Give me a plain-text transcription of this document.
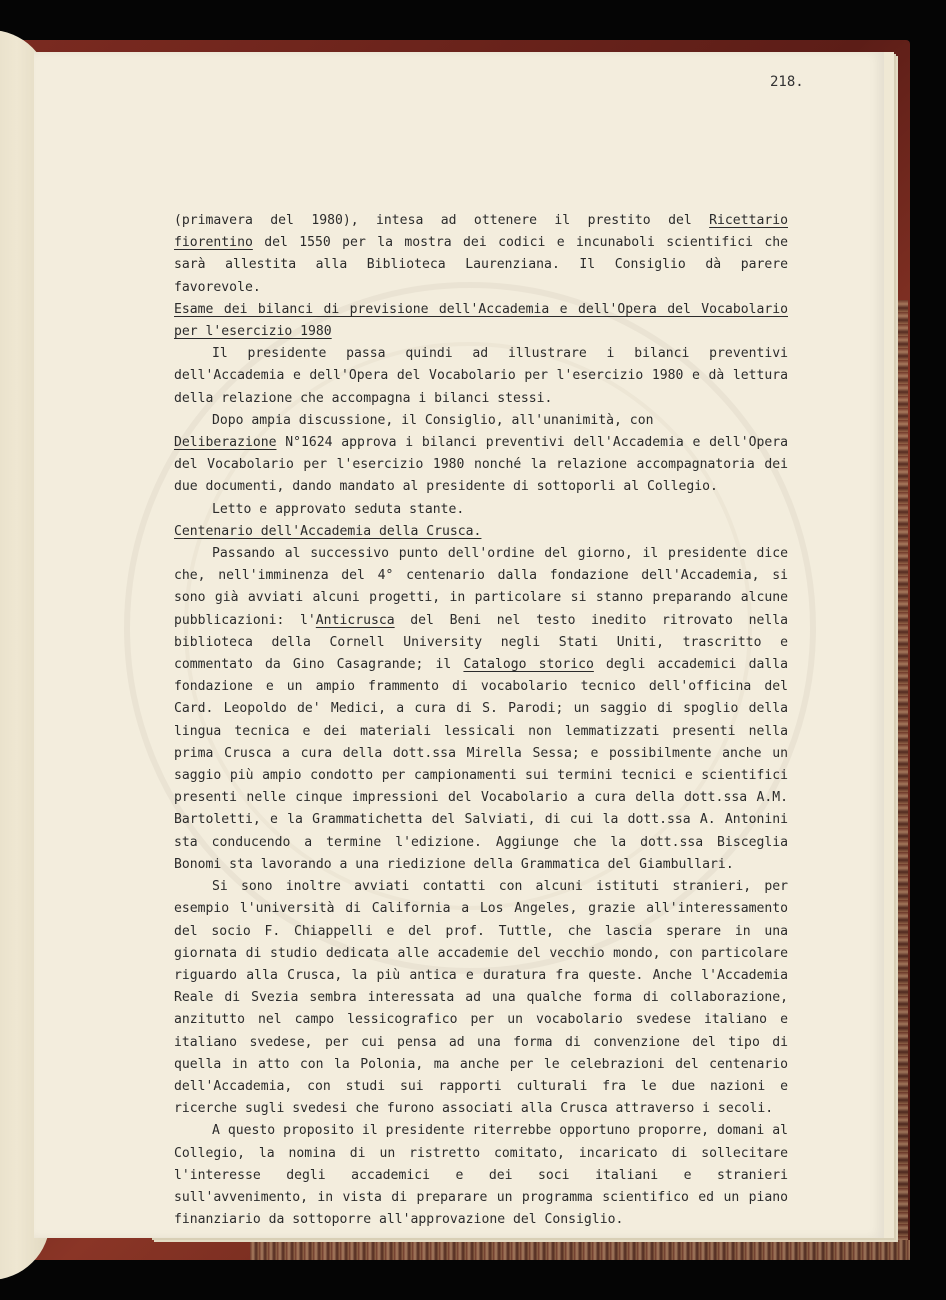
218.

(primavera del 1980), intesa ad ottenere il prestito del Ricettario fiorentino del 1550 per la mostra dei codici e incunaboli scientifici che sarà allestita alla Biblioteca Laurenziana. Il Consiglio dà parere favorevole.

Esame dei bilanci di previsione dell'Accademia e dell'Opera del Vocabolario per l'esercizio 1980

Il presidente passa quindi ad illustrare i bilanci preventivi dell'Accademia e dell'Opera del Vocabolario per l'esercizio 1980 e dà lettura della relazione che accompagna i bilanci stessi.

Dopo ampia discussione, il Consiglio, all'unanimità, con

Deliberazione N°1624 approva i bilanci preventivi dell'Accademia e dell'Opera del Vocabolario per l'esercizio 1980 nonché la relazione accompagnatoria dei due documenti, dando mandato al presidente di sottoporli al Collegio.

Letto e approvato seduta stante.

Centenario dell'Accademia della Crusca.

Passando al successivo punto dell'ordine del giorno, il presidente dice che, nell'imminenza del 4° centenario dalla fondazione dell'Accademia, si sono già avviati alcuni progetti, in particolare si stanno preparando alcune pubblicazioni: l'Anticrusca del Beni nel testo inedito ritrovato nella biblioteca della Cornell University negli Stati Uniti, trascritto e commentato da Gino Casagrande; il Catalogo storico degli accademici dalla fondazione e un ampio frammento di vocabolario tecnico dell'officina del Card. Leopoldo de' Medici, a cura di S. Parodi; un saggio di spoglio della lingua tecnica e dei materiali lessicali non lemmatizzati presenti nella prima Crusca a cura della dott.ssa Mirella Sessa; e possibilmente anche un saggio più ampio condotto per campionamenti sui termini tecnici e scientifici presenti nelle cinque impressioni del Vocabolario a cura della dott.ssa A.M. Bartoletti, e la Grammatichetta del Salviati, di cui la dott.ssa A. Antonini sta conducendo a termine l'edizione. Aggiunge che la dott.ssa Bisceglia Bonomi sta lavorando a una riedizione della Grammatica del Giambullari.

Si sono inoltre avviati contatti con alcuni istituti stranieri, per esempio l'università di California a Los Angeles, grazie all'interessamento del socio F. Chiappelli e del prof. Tuttle, che lascia sperare in una giornata di studio dedicata alle accademie del vecchio mondo, con particolare riguardo alla Crusca, la più antica e duratura fra queste. Anche l'Accademia Reale di Svezia sembra interessata ad una qualche forma di collaborazione, anzitutto nel campo lessicografico per un vocabolario svedese italiano e italiano svedese, per cui pensa ad una forma di convenzione del tipo di quella in atto con la Polonia, ma anche per le celebrazioni del centenario dell'Accademia, con studi sui rapporti culturali fra le due nazioni e ricerche sugli svedesi che furono associati alla Crusca attraverso i secoli.

A questo proposito il presidente riterrebbe opportuno proporre, domani al Collegio, la nomina di un ristretto comitato, incaricato di sollecitare l'interesse degli accademici e dei soci italiani e stranieri sull'avvenimento, in vista di preparare un programma scientifico ed un piano finanziario da sottoporre all'approvazione del Consiglio.
